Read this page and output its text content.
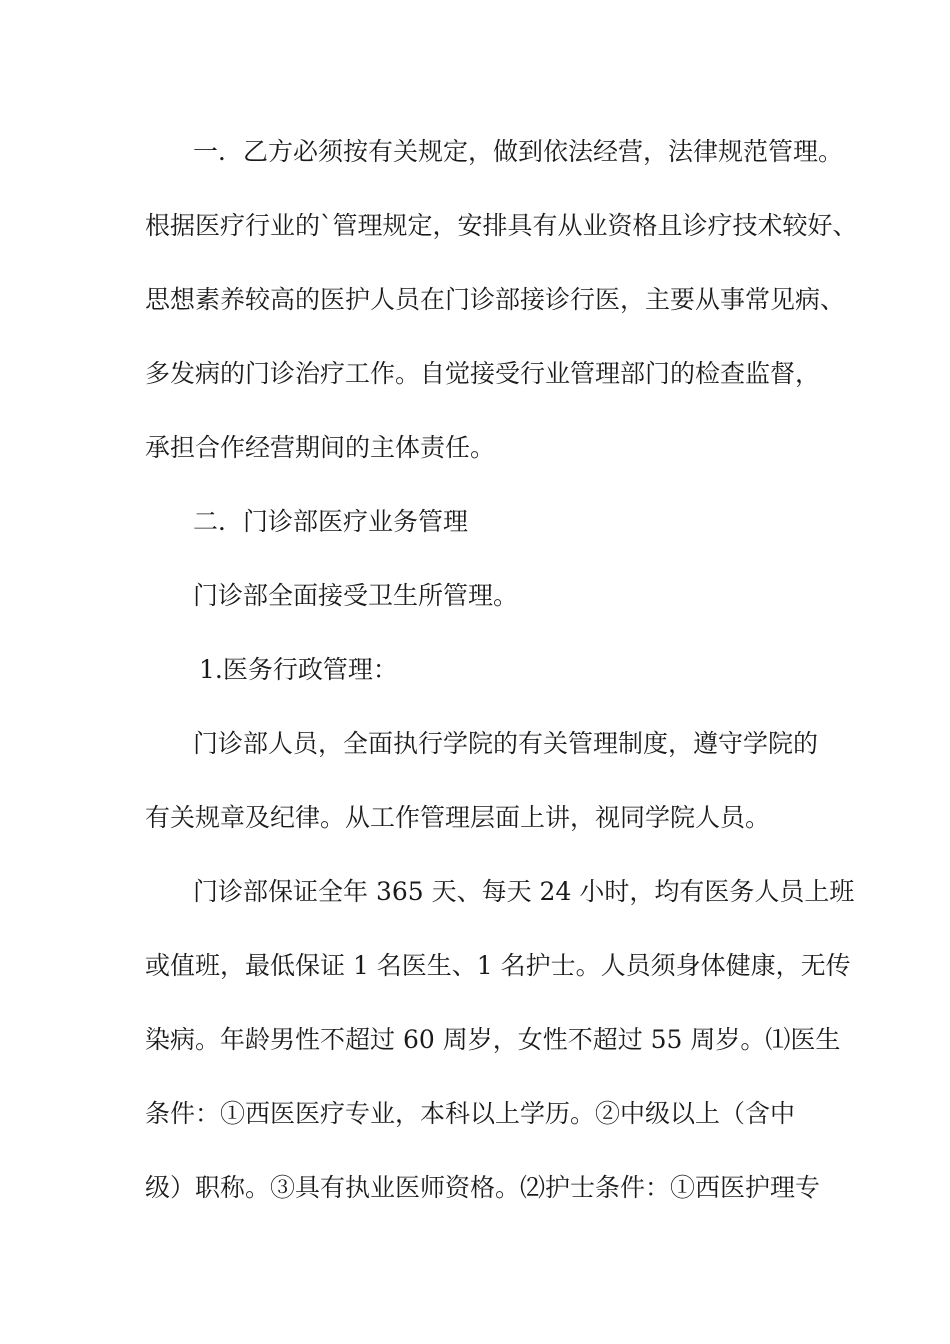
一．乙方必须按有关规定，做到依法经营，法律规范管理。

根据医疗行业的`管理规定，安排具有从业资格且诊疗技术较好、

思想素养较高的医护人员在门诊部接诊行医，主要从事常见病、

多发病的门诊治疗工作。自觉接受行业管理部门的检查监督，

承担合作经营期间的主体责任。

二．门诊部医疗业务管理

门诊部全面接受卫生所管理。

1.医务行政管理：

门诊部人员，全面执行学院的有关管理制度，遵守学院的

有关规章及纪律。从工作管理层面上讲，视同学院人员。

门诊部保证全年 365 天、每天 24 小时，均有医务人员上班

或值班，最低保证 1 名医生、1 名护士。人员须身体健康，无传

染病。年龄男性不超过 60 周岁，女性不超过 55 周岁。⑴医生

条件：①西医医疗专业，本科以上学历。②中级以上（含中

级）职称。③具有执业医师资格。⑵护士条件：①西医护理专
